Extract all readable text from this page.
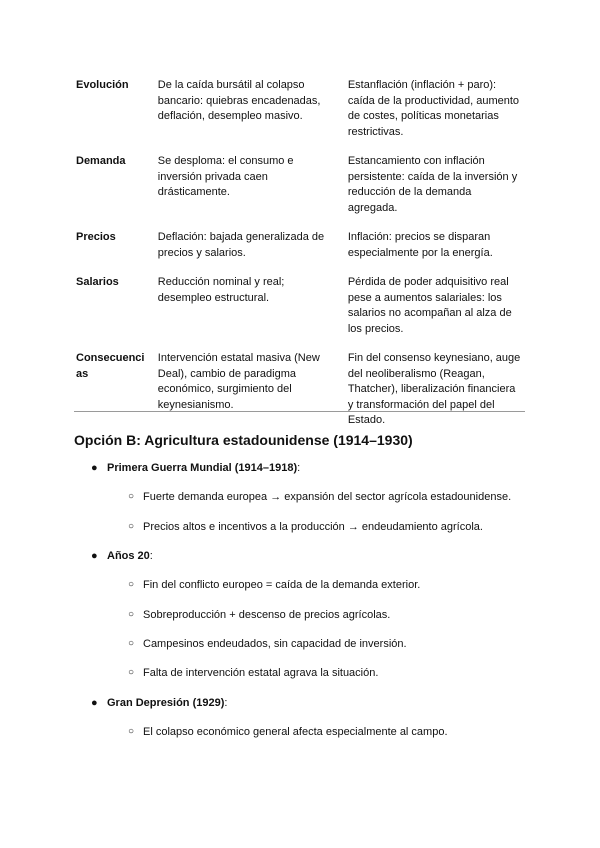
Evolución	De la caída bursátil al colapso
bancario: quiebras encadenadas,
deflación, desempleo masivo.	Estanflación (inflación + paro):
caída de la productividad, aumento
de costes, políticas monetarias
restrictivas.
Demanda	Se desploma: el consumo e
inversión privada caen
drásticamente.	Estancamiento con inflación
persistente: caída de la inversión y
reducción de la demanda
agregada.
Precios	Deflación: bajada generalizada de
precios y salarios.	Inflación: precios se disparan
especialmente por la energía.
Salarios	Reducción nominal y real;
desempleo estructural.	Pérdida de poder adquisitivo real
pese a aumentos salariales: los
salarios no acompañan al alza de
los precios.
Consecuenci
as	Intervención estatal masiva (New
Deal), cambio de paradigma
económico, surgimiento del
keynesianismo.	Fin del consenso keynesiano, auge
del neoliberalismo (Reagan,
Thatcher), liberalización financiera
y transformación del papel del
Estado.
Opción B: Agricultura estadounidense (1914–1930)
● Primera Guerra Mundial (1914–1918):
○ Fuerte demanda europea → expansión del sector agrícola estadounidense.
○ Precios altos e incentivos a la producción → endeudamiento agrícola.
● Años 20:
○ Fin del conflicto europeo = caída de la demanda exterior.
○ Sobreproducción + descenso de precios agrícolas.
○ Campesinos endeudados, sin capacidad de inversión.
○ Falta de intervención estatal agrava la situación.
● Gran Depresión (1929):
○ El colapso económico general afecta especialmente al campo.
